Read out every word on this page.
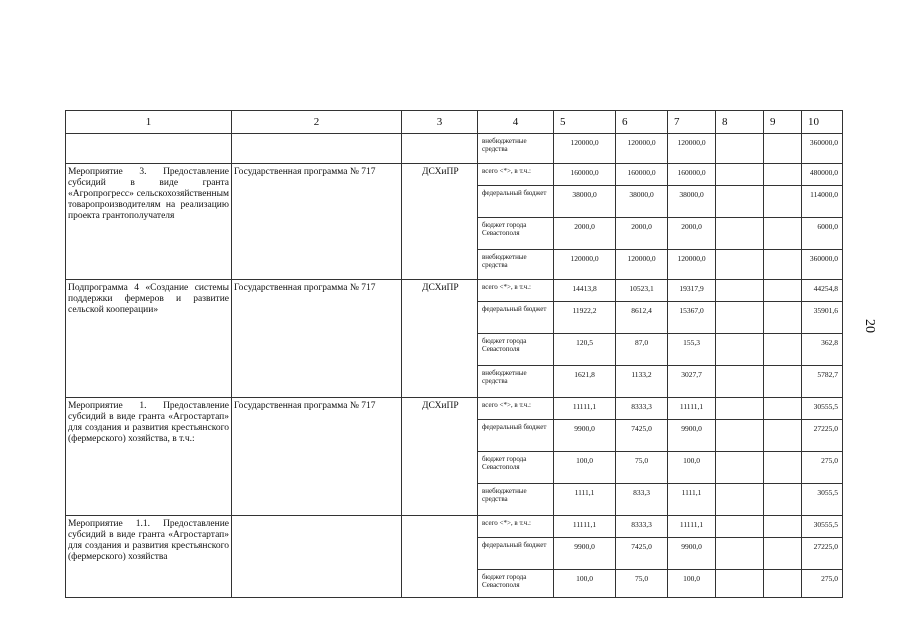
20
1	2	3	4	5	6	7	8	9	10
			внебюджетные средства	120000,0	120000,0	120000,0			360000,0
Мероприятие 3. Предоставление субсидий в виде гранта «Агропрогресс» сельскохозяйственным товаропроизводителям на реализацию проекта грантополучателя	Государственная программа № 717	ДСХиПР	всего <*>, в т.ч.:	160000,0	160000,0	160000,0			480000,0
			федеральный бюджет	38000,0	38000,0	38000,0			114000,0
			бюджет города Севастополя	2000,0	2000,0	2000,0			6000,0
			внебюджетные средства	120000,0	120000,0	120000,0			360000,0
Подпрограмма 4 «Создание системы поддержки фермеров и развитие сельской кооперации»	Государственная программа № 717	ДСХиПР	всего <*>, в т.ч.:	14413,8	10523,1	19317,9			44254,8
			федеральный бюджет	11922,2	8612,4	15367,0			35901,6
			бюджет города Севастополя	120,5	87,0	155,3			362,8
			внебюджетные средства	1621,8	1133,2	3027,7			5782,7
Мероприятие 1. Предоставление субсидий в виде гранта «Агростартап» для создания и развития крестьянского (фермерского) хозяйства, в т.ч.:	Государственная программа № 717	ДСХиПР	всего <*>, в т.ч.:	11111,1	8333,3	11111,1			30555,5
			федеральный бюджет	9900,0	7425,0	9900,0			27225,0
			бюджет города Севастополя	100,0	75,0	100,0			275,0
			внебюджетные средства	1111,1	833,3	1111,1			3055,5
Мероприятие 1.1. Предоставление субсидий в виде гранта «Агростартап» для создания и развития крестьянского (фермерского) хозяйства			всего <*>, в т.ч.:	11111,1	8333,3	11111,1			30555,5
			федеральный бюджет	9900,0	7425,0	9900,0			27225,0
			бюджет города Севастополя	100,0	75,0	100,0			275,0
